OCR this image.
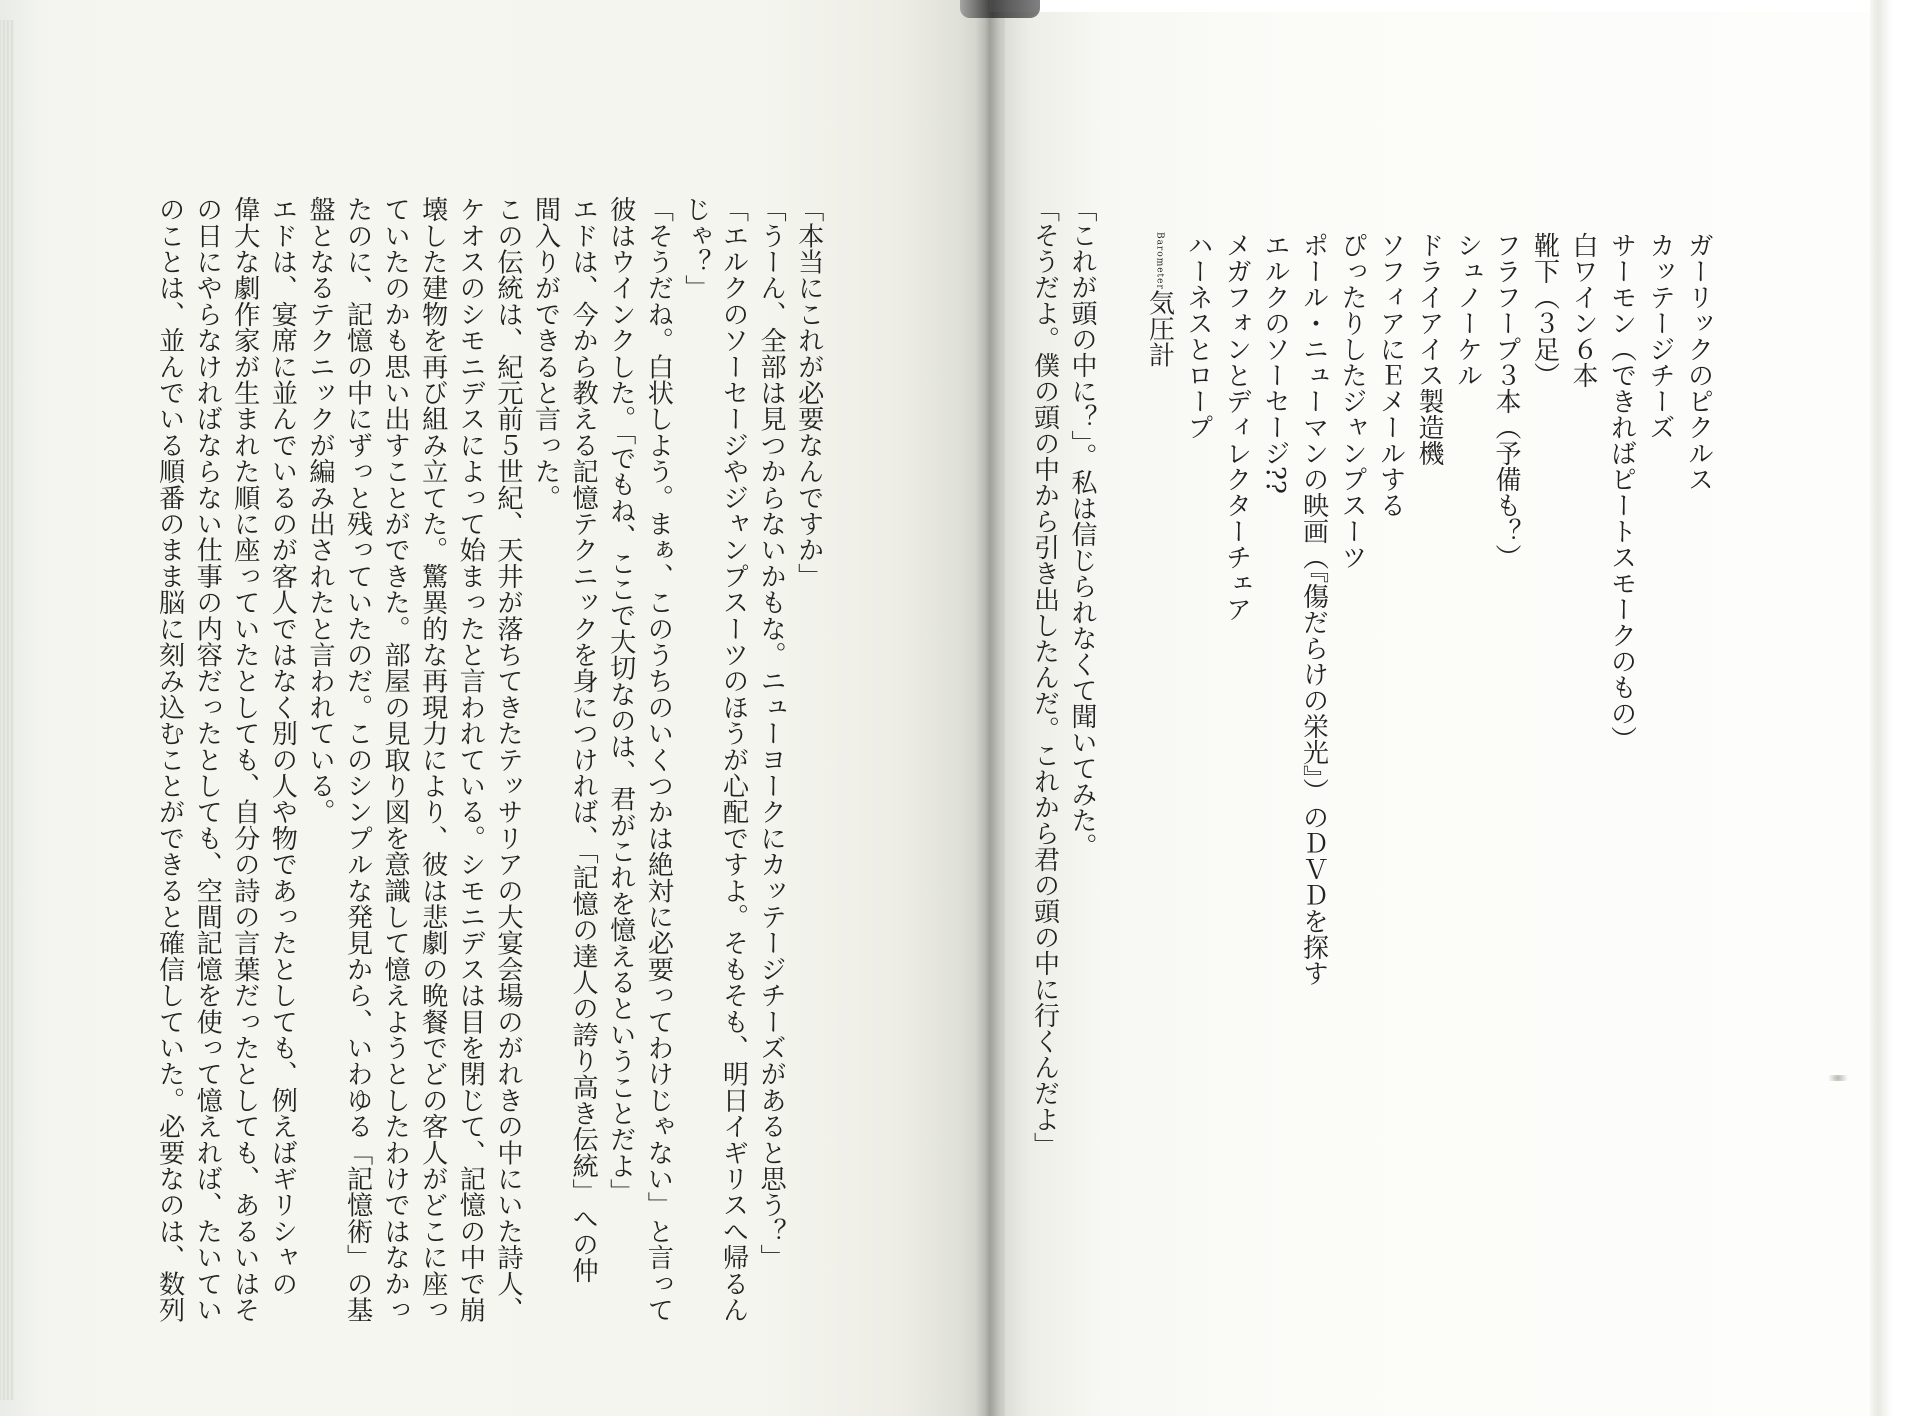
ガーリックのピクルス
カッテージチーズ
サーモン（できればピートスモークのもの）
白ワイン６本
靴下（３足）
フラフープ３本（予備も？）
シュノーケル
ドライアイス製造機
ソフィアにＥメールする
ぴったりしたジャンプスーツ
ポール・ニューマンの映画（『傷だらけの栄光』）のＤＶＤを探す
エルクのソーセージ??
メガフォンとディレクターチェア
ハーネスとロープ
Barometer気圧計
「これが頭の中に？」。私は信じられなくて聞いてみた。
「そうだよ。僕の頭の中から引き出したんだ。これから君の頭の中に行くんだよ」
「本当にこれが必要なんですか」
「うーん、全部は見つからないかもな。ニューヨークにカッテージチーズがあると思う？」
「エルクのソーセージやジャンプスーツのほうが心配ですよ。そもそも、明日イギリスへ帰るん
じゃ？」
「そうだね。白状しよう。まぁ、このうちのいくつかは絶対に必要ってわけじゃない」と言って
彼はウインクした。「でもね、ここで大切なのは、君がこれを憶えるということだよ」
エドは、今から教える記憶テクニックを身につければ、「記憶の達人の誇り高き伝統」への仲
間入りができると言った。
この伝統は、紀元前５世紀、天井が落ちてきたテッサリアの大宴会場のがれきの中にいた詩人、
ケオスのシモニデスによって始まったと言われている。シモニデスは目を閉じて、記憶の中で崩
壊した建物を再び組み立てた。驚異的な再現力により、彼は悲劇の晩餐でどの客人がどこに座っ
ていたのかも思い出すことができた。部屋の見取り図を意識して憶えようとしたわけではなかっ
たのに、記憶の中にずっと残っていたのだ。このシンプルな発見から、いわゆる「記憶術」の基
盤となるテクニックが編み出されたと言われている。
エドは、宴席に並んでいるのが客人ではなく別の人や物であったとしても、例えばギリシャの
偉大な劇作家が生まれた順に座っていたとしても、自分の詩の言葉だったとしても、あるいはそ
の日にやらなければならない仕事の内容だったとしても、空間記憶を使って憶えれば、たいてい
のことは、並んでいる順番のまま脳に刻み込むことができると確信していた。必要なのは、数列
